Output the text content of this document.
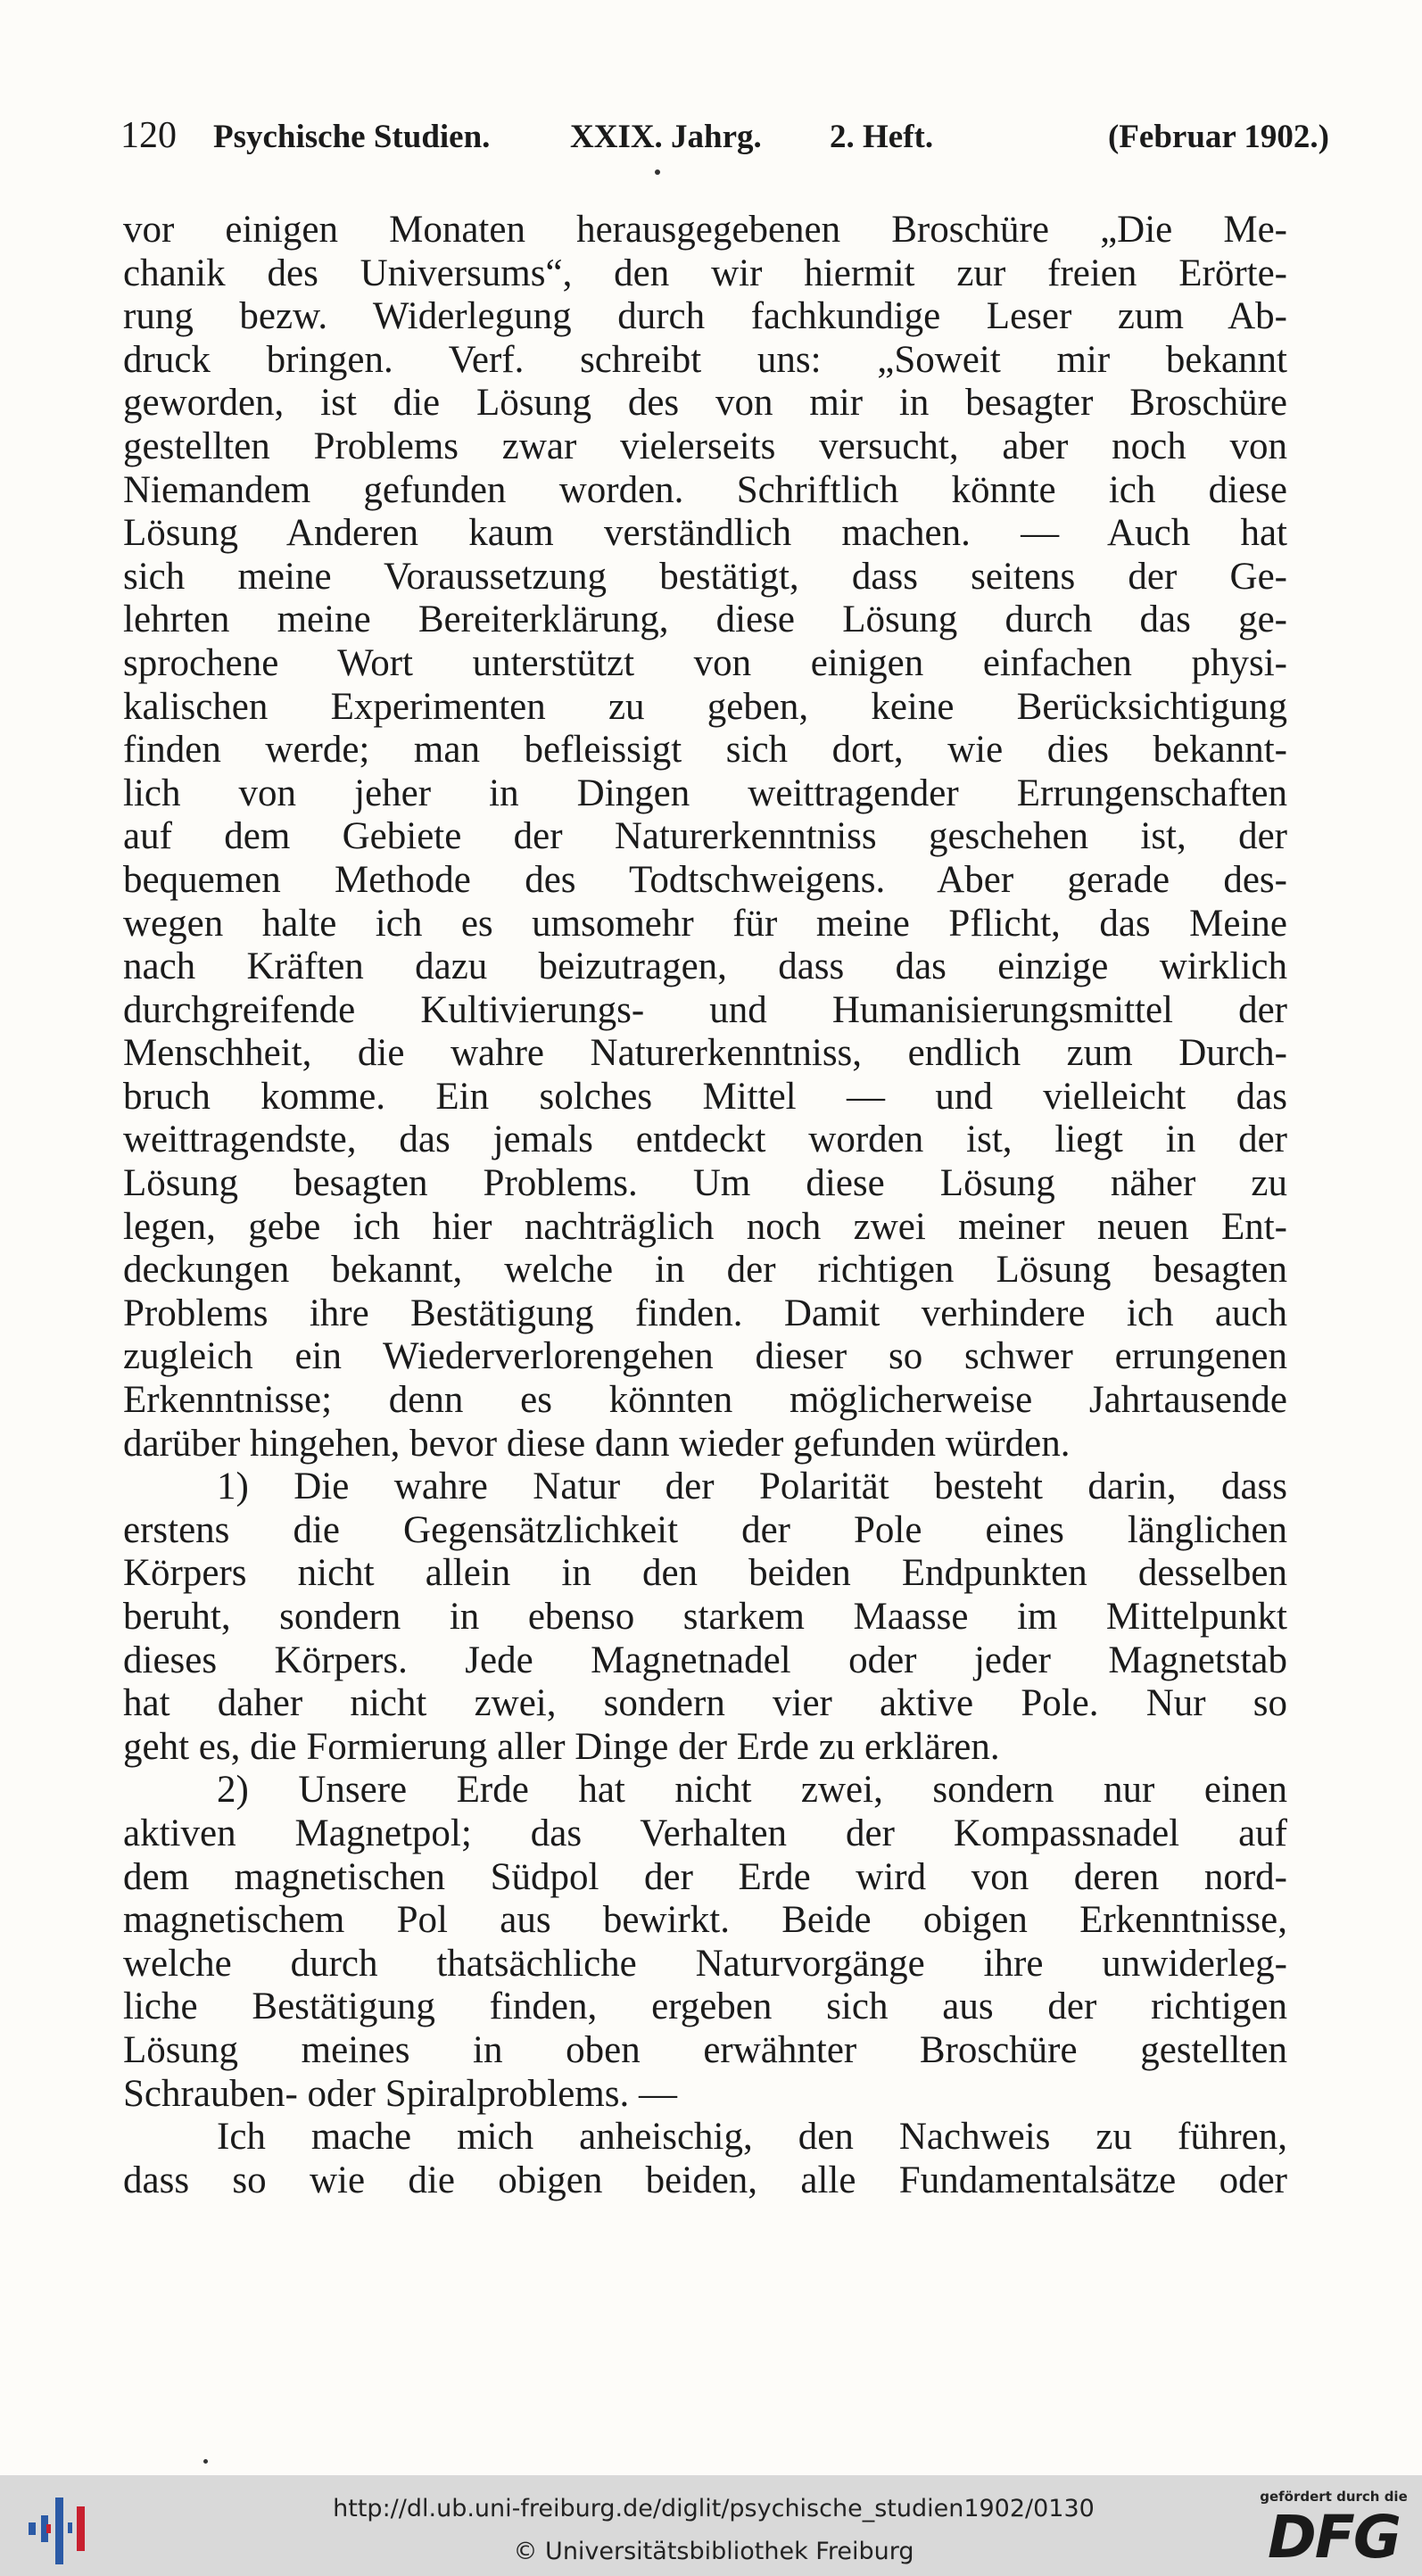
120 Psychische Studien. XXIX. Jahrg. 2. Heft.	(Februar 1902.)
vor einigen Monaten herausgegebenen Broschüre „Die Me-
chanik des Universums“, den wir hiermit zur freien Erörte-
rung bezw. Widerlegung durch fachkundige Leser zum Ab-
druck bringen. Verf. schreibt uns: „Soweit mir bekannt
geworden, ist die Lösung des von mir in besagter Broschüre
gestellten Problems zwar vielerseits versucht, aber noch von
Niemandem gefunden worden. Schriftlich könnte ich diese
Lösung Anderen kaum verständlich machen. — Auch hat
sich meine Voraussetzung bestätigt, dass seitens der Ge-
lehrten meine Bereiterklärung, diese Lösung durch das ge-
sprochene Wort unterstützt von einigen einfachen physi-
kalischen Experimenten zu geben, keine Berücksichtigung
finden werde; man befleissigt sich dort, wie dies bekannt-
lich von jeher in Dingen weittragender Errungenschaften
auf dem Gebiete der Naturerkenntniss geschehen ist, der
bequemen Methode des Todtschweigens. Aber gerade des-
wegen halte ich es umsomehr für meine Pflicht, das Meine
nach Kräften dazu beizutragen, dass das einzige wirklich
durchgreifende Kultivierungs- und Humanisierungsmittel der
Menschheit, die wahre Naturerkenntniss, endlich zum Durch-
bruch komme. Ein solches Mittel — und vielleicht das
weittragendste, das jemals entdeckt worden ist, liegt in der
Lösung besagten Problems. Um diese Lösung näher zu
legen, gebe ich hier nachträglich noch zwei meiner neuen Ent-
deckungen bekannt, welche in der richtigen Lösung besagten
Problems ihre Bestätigung finden. Damit verhindere ich auch
zugleich ein Wiederverlorengehen dieser so schwer errungenen
Erkenntnisse; denn es könnten möglicherweise Jahrtausende
darüber hingehen, bevor diese dann wieder gefunden würden.
1) Die wahre Natur der Polarität besteht darin, dass
erstens die Gegensätzlichkeit der Pole eines länglichen
Körpers nicht allein in den beiden Endpunkten desselben
beruht, sondern in ebenso starkem Maasse im Mittelpunkt
dieses Körpers. Jede Magnetnadel oder jeder Magnetstab
hat daher nicht zwei, sondern vier aktive Pole. Nur so
geht es, die Formierung aller Dinge der Erde zu erklären.
2) Unsere Erde hat nicht zwei, sondern nur einen
aktiven Magnetpol; das Verhalten der Kompassnadel auf
dem magnetischen Südpol der Erde wird von deren nord-
magnetischem Pol aus bewirkt. Beide obigen Erkenntnisse,
welche durch thatsächliche Naturvorgänge ihre unwiderleg-
liche Bestätigung finden, ergeben sich aus der richtigen
Lösung meines in oben erwähnter Broschüre gestellten
Schrauben- oder Spiralproblems. —
Ich mache mich anheischig, den Nachweis zu führen,
dass so wie die obigen beiden, alle Fundamentalsätze oder
http://dl.ub.uni-freiburg.de/diglit/psychische_studien1902/0130
© Universitätsbibliothek Freiburg
gefördert durch die
DFG
